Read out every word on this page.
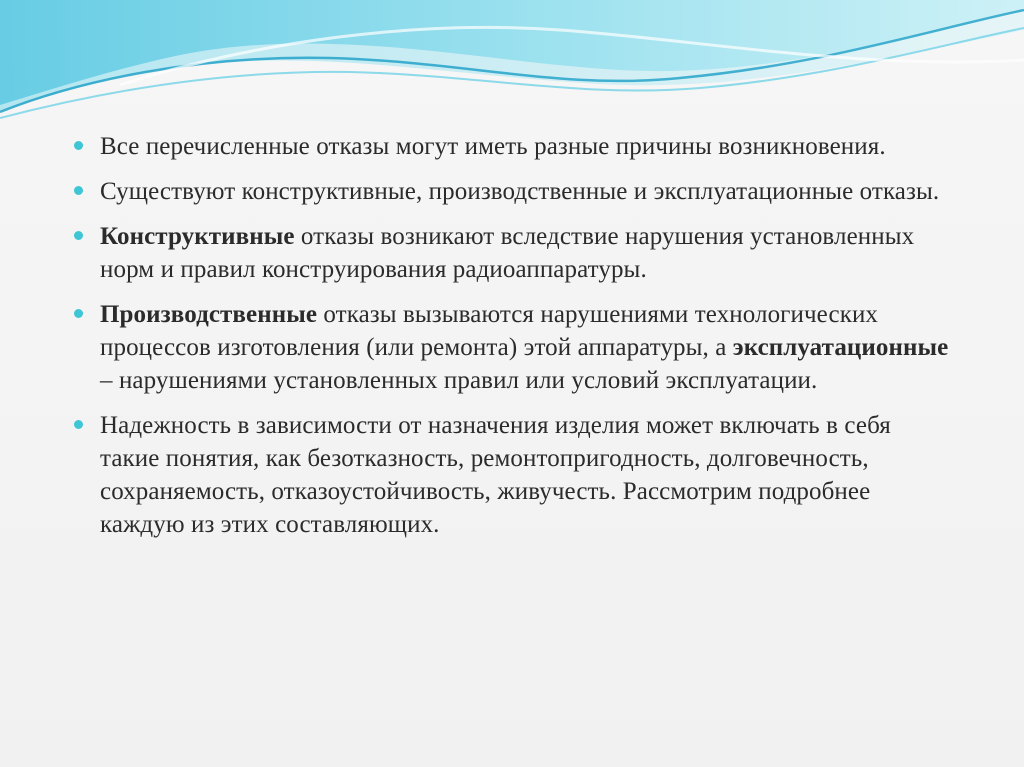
Все перечисленные отказы могут иметь разные причины возникновения.
Существуют конструктивные, производственные и эксплуатационные отказы.
Конструктивные отказы возникают вследствие нарушения установленных норм и правил конструирования радиоаппаратуры.
Производственные отказы вызываются нарушениями технологических процессов изготовления (или ремонта) этой аппаратуры, а эксплуатационные – нарушениями установленных правил или условий эксплуатации.
Надежность в зависимости от назначения изделия может включать в себя такие понятия, как безотказность, ремонтопригодность, долговечность, сохраняемость, отказоустойчивость, живучесть. Рассмотрим подробнее каждую из этих составляющих.
